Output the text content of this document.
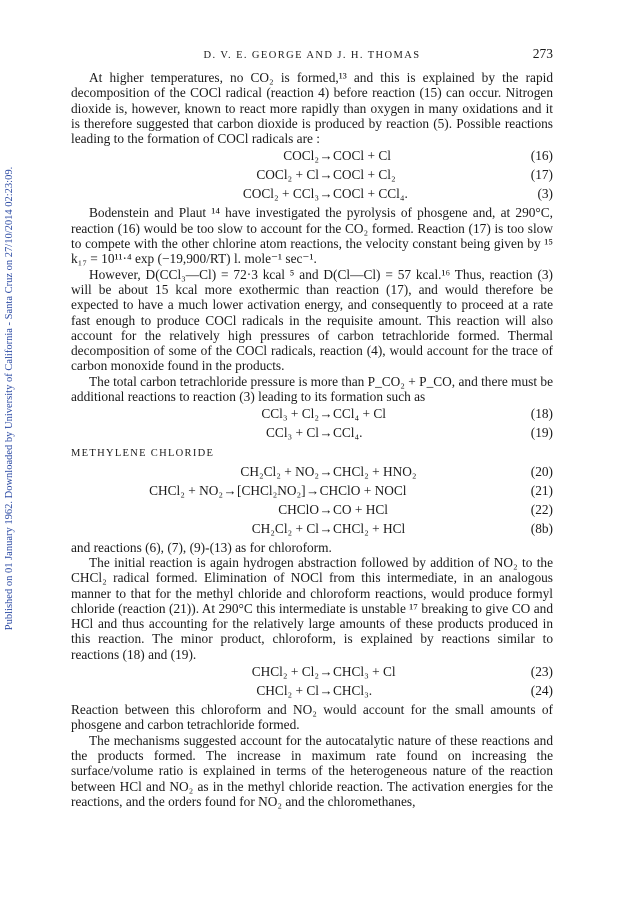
Published on 01 January 1962. Downloaded by University of California - Santa Cruz on 27/10/2014 02:23:09.
D. V. E. GEORGE AND J. H. THOMAS	273

At higher temperatures, no CO₂ is formed,¹³ and this is explained by the rapid decomposition of the COCl radical (reaction 4) before reaction (15) can occur. Nitrogen dioxide is, however, known to react more rapidly than oxygen in many oxidations and it is therefore suggested that carbon dioxide is produced by reaction (5). Possible reactions leading to the formation of COCl radicals are :

COCl₂ → COCl + Cl	(16)
COCl₂ + Cl → COCl + Cl₂	(17)
COCl₂ + CCl₃ → COCl + CCl₄.	(3)

Bodenstein and Plaut ¹⁴ have investigated the pyrolysis of phosgene and, at 290°C, reaction (16) would be too slow to account for the CO₂ formed. Reaction (17) is too slow to compete with the other chlorine atom reactions, the velocity constant being given by ¹⁵ k₁₇ = 10¹¹·⁴ exp (−19,900/RT) l. mole⁻¹ sec⁻¹.

However, D(CCl₃—Cl) = 72·3 kcal ⁵ and D(Cl—Cl) = 57 kcal.¹⁶ Thus, reaction (3) will be about 15 kcal more exothermic than reaction (17), and would therefore be expected to have a much lower activation energy, and consequently to proceed at a rate fast enough to produce COCl radicals in the requisite amount. This reaction will also account for the relatively high pressures of carbon tetrachloride formed. Thermal decomposition of some of the COCl radicals, reaction (4), would account for the trace of carbon monoxide found in the products.

The total carbon tetrachloride pressure is more than P_CO₂ + P_CO, and there must be additional reactions to reaction (3) leading to its formation such as

CCl₃ + Cl₂ → CCl₄ + Cl	(18)
CCl₃ + Cl → CCl₄.	(19)
METHYLENE CHLORIDE
CH₂Cl₂ + NO₂ → CHCl₂ + HNO₂	(20)
CHCl₂ + NO₂ → [CHCl₂NO₂] → CHClO + NOCl	(21)
CHClO → CO + HCl	(22)
CH₂Cl₂ + Cl → CHCl₂ + HCl	(8b)

and reactions (6), (7), (9)-(13) as for chloroform.

The initial reaction is again hydrogen abstraction followed by addition of NO₂ to the CHCl₂ radical formed. Elimination of NOCl from this intermediate, in an analogous manner to that for the methyl chloride and chloroform reactions, would produce formyl chloride (reaction (21)). At 290°C this intermediate is unstable ¹⁷ breaking to give CO and HCl and thus accounting for the relatively large amounts of these products produced in this reaction. The minor product, chloroform, is explained by reactions similar to reactions (18) and (19).

CHCl₂ + Cl₂ → CHCl₃ + Cl	(23)
CHCl₂ + Cl → CHCl₃.	(24)

Reaction between this chloroform and NO₂ would account for the small amounts of phosgene and carbon tetrachloride formed.

The mechanisms suggested account for the autocatalytic nature of these reactions and the products formed. The increase in maximum rate found on increasing the surface/volume ratio is explained in terms of the heterogeneous nature of the reaction between HCl and NO₂ as in the methyl chloride reaction. The activation energies for the reactions, and the orders found for NO₂ and the chloromethanes,
